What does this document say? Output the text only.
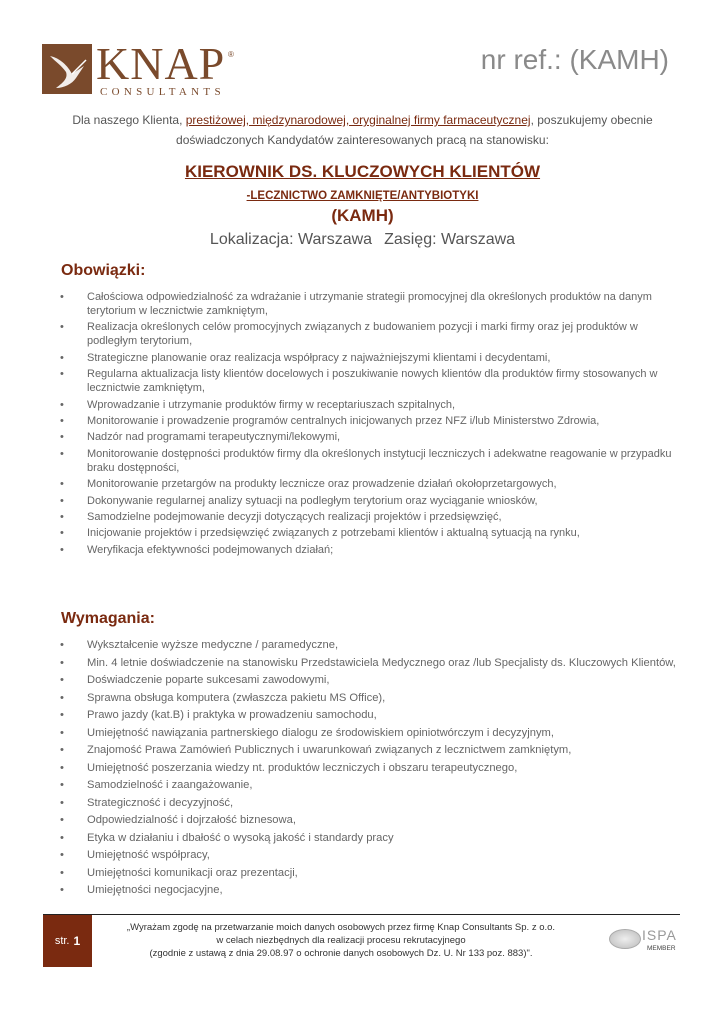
KNAP ®
CONSULTANTS
nr ref.: (KAMH)
Dla naszego Klienta, prestiżowej, międzynarodowej, oryginalnej firmy farmaceutycznej, poszukujemy obecnie doświadczonych Kandydatów zainteresowanych pracą na stanowisku:
KIEROWNIK DS. KLUCZOWYCH KLIENTÓW
-LECZNICTWO ZAMKNIĘTE/ANTYBIOTYKI
(KAMH)
Lokalizacja: Warszawa Zasięg: Warszawa
Obowiązki:
• Całościowa odpowiedzialność za wdrażanie i utrzymanie strategii promocyjnej dla określonych produktów na danym terytorium w lecznictwie zamkniętym,
• Realizacja określonych celów promocyjnych związanych z budowaniem pozycji i marki firmy oraz jej produktów w podległym terytorium,
• Strategiczne planowanie oraz realizacja współpracy z najważniejszymi klientami i decydentami,
• Regularna aktualizacja listy klientów docelowych i poszukiwanie nowych klientów dla produktów firmy stosowanych w lecznictwie zamkniętym,
• Wprowadzanie i utrzymanie produktów firmy w receptariuszach szpitalnych,
• Monitorowanie i prowadzenie programów centralnych inicjowanych przez NFZ i/lub Ministerstwo Zdrowia,
• Nadzór nad programami terapeutycznymi/lekowymi,
• Monitorowanie dostępności produktów firmy dla określonych instytucji leczniczych i adekwatne reagowanie w przypadku braku dostępności,
• Monitorowanie przetargów na produkty lecznicze oraz prowadzenie działań okołoprzetargowych,
• Dokonywanie regularnej analizy sytuacji na podległym terytorium oraz wyciąganie wniosków,
• Samodzielne podejmowanie decyzji dotyczących realizacji projektów i przedsięwzięć,
• Inicjowanie projektów i przedsięwzięć związanych z potrzebami klientów i aktualną sytuacją na rynku,
• Weryfikacja efektywności podejmowanych działań;
Wymagania:
• Wykształcenie wyższe medyczne / paramedyczne,
• Min. 4 letnie doświadczenie na stanowisku Przedstawiciela Medycznego oraz /lub Specjalisty ds. Kluczowych Klientów,
• Doświadczenie poparte sukcesami zawodowymi,
• Sprawna obsługa komputera (zwłaszcza pakietu MS Office),
• Prawo jazdy (kat.B) i praktyka w prowadzeniu samochodu,
• Umiejętność nawiązania partnerskiego dialogu ze środowiskiem opiniotwórczym i decyzyjnym,
• Znajomość Prawa Zamówień Publicznych i uwarunkowań związanych z lecznictwem zamkniętym,
• Umiejętność poszerzania wiedzy nt. produktów leczniczych i obszaru terapeutycznego,
• Samodzielność i zaangażowanie,
• Strategiczność i decyzyjność,
• Odpowiedzialność i dojrzałość biznesowa,
• Etyka w działaniu i dbałość o wysoką jakość i standardy pracy
• Umiejętność współpracy,
• Umiejętności komunikacji oraz prezentacji,
• Umiejętności negocjacyjne,
str. 1
„Wyrażam zgodę na przetwarzanie moich danych osobowych przez firmę Knap Consultants Sp. z o.o.
w celach niezbędnych dla realizacji procesu rekrutacyjnego
(zgodnie z ustawą z dnia 29.08.97 o ochronie danych osobowych Dz. U. Nr 133 poz. 883)".
ISPA
MEMBER
